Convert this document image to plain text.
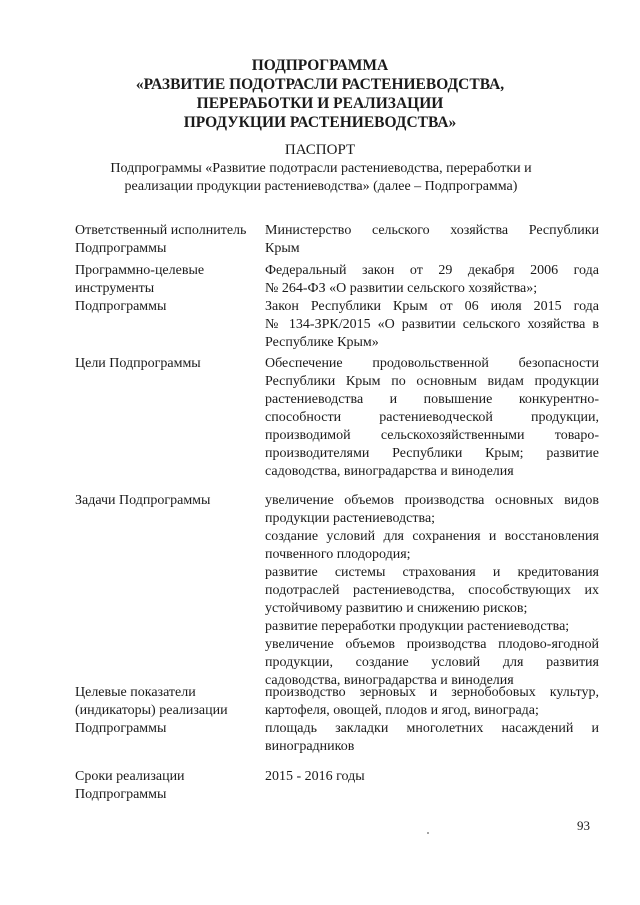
ПОДПРОГРАММА
«РАЗВИТИЕ ПОДОТРАСЛИ РАСТЕНИЕВОДСТВА,
ПЕРЕРАБОТКИ И РЕАЛИЗАЦИИ
ПРОДУКЦИИ РАСТЕНИЕВОДСТВА»
ПАСПОРТ
Подпрограммы «Развитие подотрасли растениеводства, переработки и
реализации продукции растениеводства» (далее – Подпрограмма)
Ответственный исполнитель
Подпрограммы
Министерство сельского хозяйства Республики
Крым
Программно-целевые
инструменты
Подпрограммы
Федеральный закон от 29 декабря 2006 года
№ 264-ФЗ «О развитии сельского хозяйства»;
Закон Республики Крым от 06 июля 2015 года
№ 134-ЗРК/2015 «О развитии сельского хозяйства в
Республике Крым»
Цели Подпрограммы	Обеспечение продовольственной безопасности
Республики Крым по основным видам продукции
растениеводства и повышение конкурентно-
способности растениеводческой продукции,
производимой сельскохозяйственными товаро-
производителями Республики Крым; развитие
садоводства, виноградарства и виноделия
Задачи Подпрограммы	увеличение объемов производства основных видов
продукции растениеводства;
создание условий для сохранения и восстановления
почвенного плодородия;
развитие системы страхования и кредитования
подотраслей растениеводства, способствующих их
устойчивому развитию и снижению рисков;
развитие переработки продукции растениеводства;
увеличение объемов производства плодово-ягодной
продукции, создание условий для развития
садоводства, виноградарства и виноделия
Целевые показатели
(индикаторы) реализации
Подпрограммы
производство зерновых и зернобобовых культур,
картофеля, овощей, плодов и ягод, винограда;
площадь закладки многолетних насаждений и
виноградников
Сроки реализации
Подпрограммы
2015 - 2016 годы
93
